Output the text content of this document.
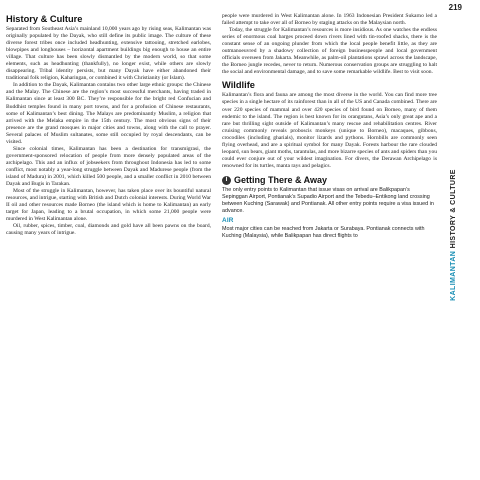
219
History & Culture

Separated from Southeast Asia’s mainland 10,000 years ago by rising seas, Kalimantan was originally populated by the Dayak, who still define its public image. The culture of these diverse forest tribes once included headhunting, extensive tattooing, stretched earlobes, blowpipes and longhouses – horizontal apartment buildings big enough to house an entire village. That culture has been slowly dismantled by the modern world, so that some elements, such as headhunting (thankfully), no longer exist, while others are slowly disappearing. Tribal identity persists, but many Dayak have either abandoned their traditional folk religion, Kaharingan, or combined it with Christianity (or Islam).

In addition to the Dayak, Kalimantan contains two other large ethnic groups: the Chinese and the Malay. The Chinese are the region’s most successful merchants, having traded in Kalimantan since at least 300 BC. They’re responsible for the bright red Confucian and Buddhist temples found in many port towns, and for a profusion of Chinese restaurants, some of Kalimantan’s best dining. The Malays are predominantly Muslim, a religion that arrived with the Melaka empire in the 15th century. The most obvious signs of their presence are the grand mosques in major cities and towns, along with the call to prayer. Several palaces of Muslim sultanates, some still occupied by royal descendants, can be visited.

Since colonial times, Kalimantan has been a destination for transmigrasi, the government-sponsored relocation of people from more densely populated areas of the archipelago. This and an influx of jobseekers from throughout Indonesia has led to some conflict, most notably a year-long struggle between Dayak and Madurese people (from the island of Madura) in 2001, which killed 500 people, and a smaller conflict in 2010 between Dayak and Bugis in Tarakan.

Most of the struggle in Kalimantan, however, has taken place over its bountiful natural resources, and intrigue, starting with British and Dutch colonial interests. During World War II oil and other resources made Borneo (the island which is home to Kalimantan) an early target for Japan, leading to a brutal occupation, in which some 21,000 people were murdered in West Kalimantan alone.

Oil, rubber, spices, timber, coal, diamonds and gold have all been pawns on the board, causing many years of intrigue.

people were murdered in West Kalimantan alone. In 1963 Indonesian President Sukarno led a failed attempt to take over all of Borneo by staging attacks on the Malaysian north.

Today, the struggle for Kalimantan’s resources is more insidious. As one watches the endless series of enormous coal barges proceed down rivers lined with tin-roofed shacks, there is the constant sense of an ongoing plunder from which the local people benefit little, as they are outmanoeuvred by a shadowy collection of foreign businesspeople and local government officials overseen from Jakarta. Meanwhile, as palm-oil plantations sprawl across the landscape, the Borneo jungle recedes, never to return. Numerous conservation groups are struggling to halt the social and environmental damage, and to save some remarkable wildlife. Best to visit soon.

Wildlife

Kalimantan’s flora and fauna are among the most diverse in the world. You can find more tree species in a single hectare of its rainforest than in all of the US and Canada combined. There are over 220 species of mammal and over 420 species of bird found on Borneo, many of them endemic to the island. The region is best known for its orangutans, Asia’s only great ape and a rare but thrilling sight outside of Kalimantan’s many rescue and rehabilitation centres. River cruising commonly reveals proboscis monkeys (unique to Borneo), macaques, gibbons, crocodiles (including gharials), monitor lizards and pythons. Hornbills are commonly seen flying overhead, and are a spiritual symbol for many Dayak. Forests harbour the rare clouded leopard, sun bears, giant moths, tarantulas, and more bizarre species of ants and spiders than you could ever conjure out of your wildest imagination. For divers, the Derawan Archipelago is renowned for its turtles, manta rays and pelagics.

i Getting There & Away

The only entry points to Kalimantan that issue visas on arrival are Balikpapan’s Sepinggan Airport, Pontianak’s Supadio Airport and the Tebedu–Entikong land crossing between Kuching (Sarawak) and Pontianak. All other entry points require a visa issued in advance.

AIR

Most major cities can be reached from Jakarta or Surabaya. Pontianak connects with Kuching (Malaysia), while Balikpapan has direct flights to

KALIMANTAN HISTORY & CULTURE
